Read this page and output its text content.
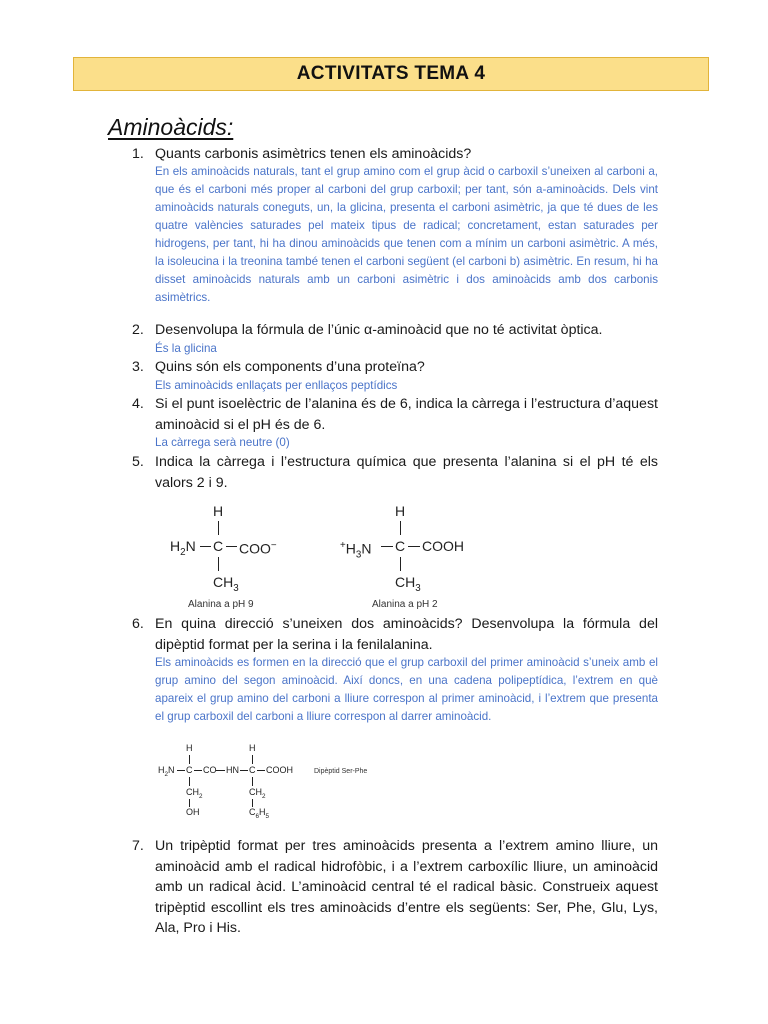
ACTIVITATS TEMA 4
Aminoàcids:
1. Quants carbonis asimètrics tenen els aminoàcids?
En els aminoàcids naturals, tant el grup amino com el grup àcid o carboxil s’uneixen al carboni a, que és el carboni més proper al carboni del grup carboxil; per tant, són a-aminoàcids. Dels vint aminoàcids naturals coneguts, un, la glicina, presenta el carboni asimètric, ja que té dues de les quatre valències saturades pel mateix tipus de radical; concretament, estan saturades per hidrogens, per tant, hi ha dinou aminoàcids que tenen com a mínim un carboni asimètric. A més, la isoleucina i la treonina també tenen el carboni següent (el carboni b) asimètric. En resum, hi ha disset aminoàcids naturals amb un carboni asimètric i dos aminoàcids amb dos carbonis asimètrics.
2. Desenvolupa la fórmula de l’únic α-aminoàcid que no té activitat òptica.
És la glicina
3. Quins són els components d’una proteïna?
Els aminoàcids enllaçats per enllaços peptídics
4. Si el punt isoelèctric de l’alanina és de 6, indica la càrrega i l’estructura d’aquest aminoàcid si el pH és de 6.
La càrrega serà neutre (0)
5. Indica la càrrega i l’estructura química que presenta l’alanina si el pH té els valors 2 i 9.
H
$H_2N$ C COO−
$CH_3$
Alanina a pH 9
H
$^+H_3N$ C COOH
$CH_3$
Alanina a pH 2
6. En quina direcció s’uneixen dos aminoàcids? Desenvolupa la fórmula del dipèptid format per la serina i la fenilalanina.
Els aminoàcids es formen en la direcció que el grup carboxil del primer aminoàcid s’uneix amb el grup amino del segon aminoàcid. Així doncs, en una cadena polipeptídica, l’extrem en què apareix el grup amino del carboni a lliure correspon al primer aminoàcid, i l’extrem que presenta el grup carboxil del carboni a lliure correspon al darrer aminoàcid.
H	H
$H_2N$ C CO HN C COOH	Dipèptid Ser-Phe
$CH_2$	$CH_2$
OH	$C_6H_5$
7. Un tripèptid format per tres aminoàcids presenta a l’extrem amino lliure, un aminoàcid amb el radical hidrofòbic, i a l’extrem carboxílic lliure, un aminoàcid amb un radical àcid. L’aminoàcid central té el radical bàsic. Construeix aquest tripèptid escollint els tres aminoàcids d’entre els següents: Ser, Phe, Glu, Lys, Ala, Pro i His.
